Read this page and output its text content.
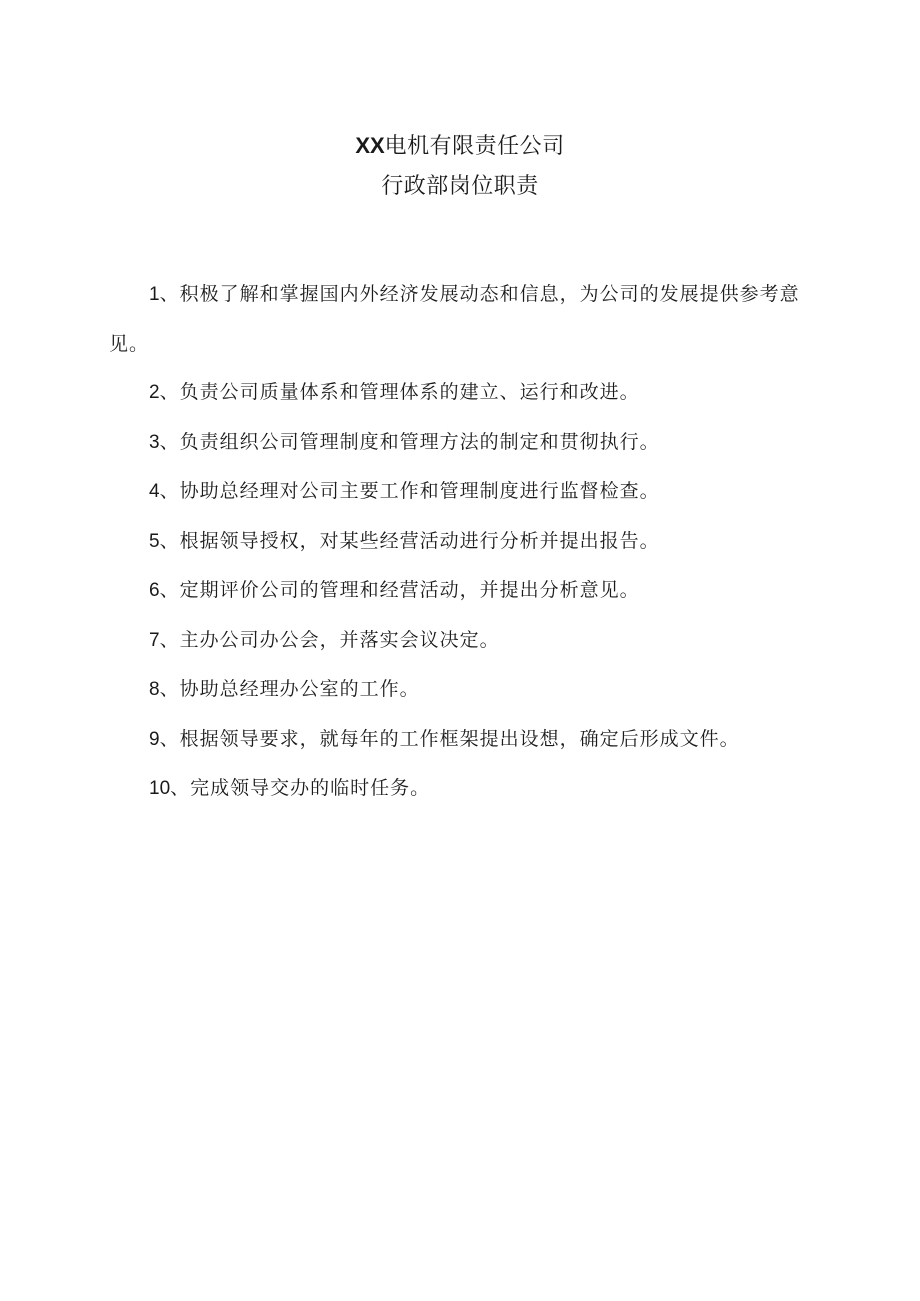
XX电机有限责任公司
行政部岗位职责
1、积极了解和掌握国内外经济发展动态和信息，为公司的发展提供参考意见。
2、负责公司质量体系和管理体系的建立、运行和改进。
3、负责组织公司管理制度和管理方法的制定和贯彻执行。
4、协助总经理对公司主要工作和管理制度进行监督检查。
5、根据领导授权，对某些经营活动进行分析并提出报告。
6、定期评价公司的管理和经营活动，并提出分析意见。
7、主办公司办公会，并落实会议决定。
8、协助总经理办公室的工作。
9、根据领导要求，就每年的工作框架提出设想，确定后形成文件。
10、完成领导交办的临时任务。
